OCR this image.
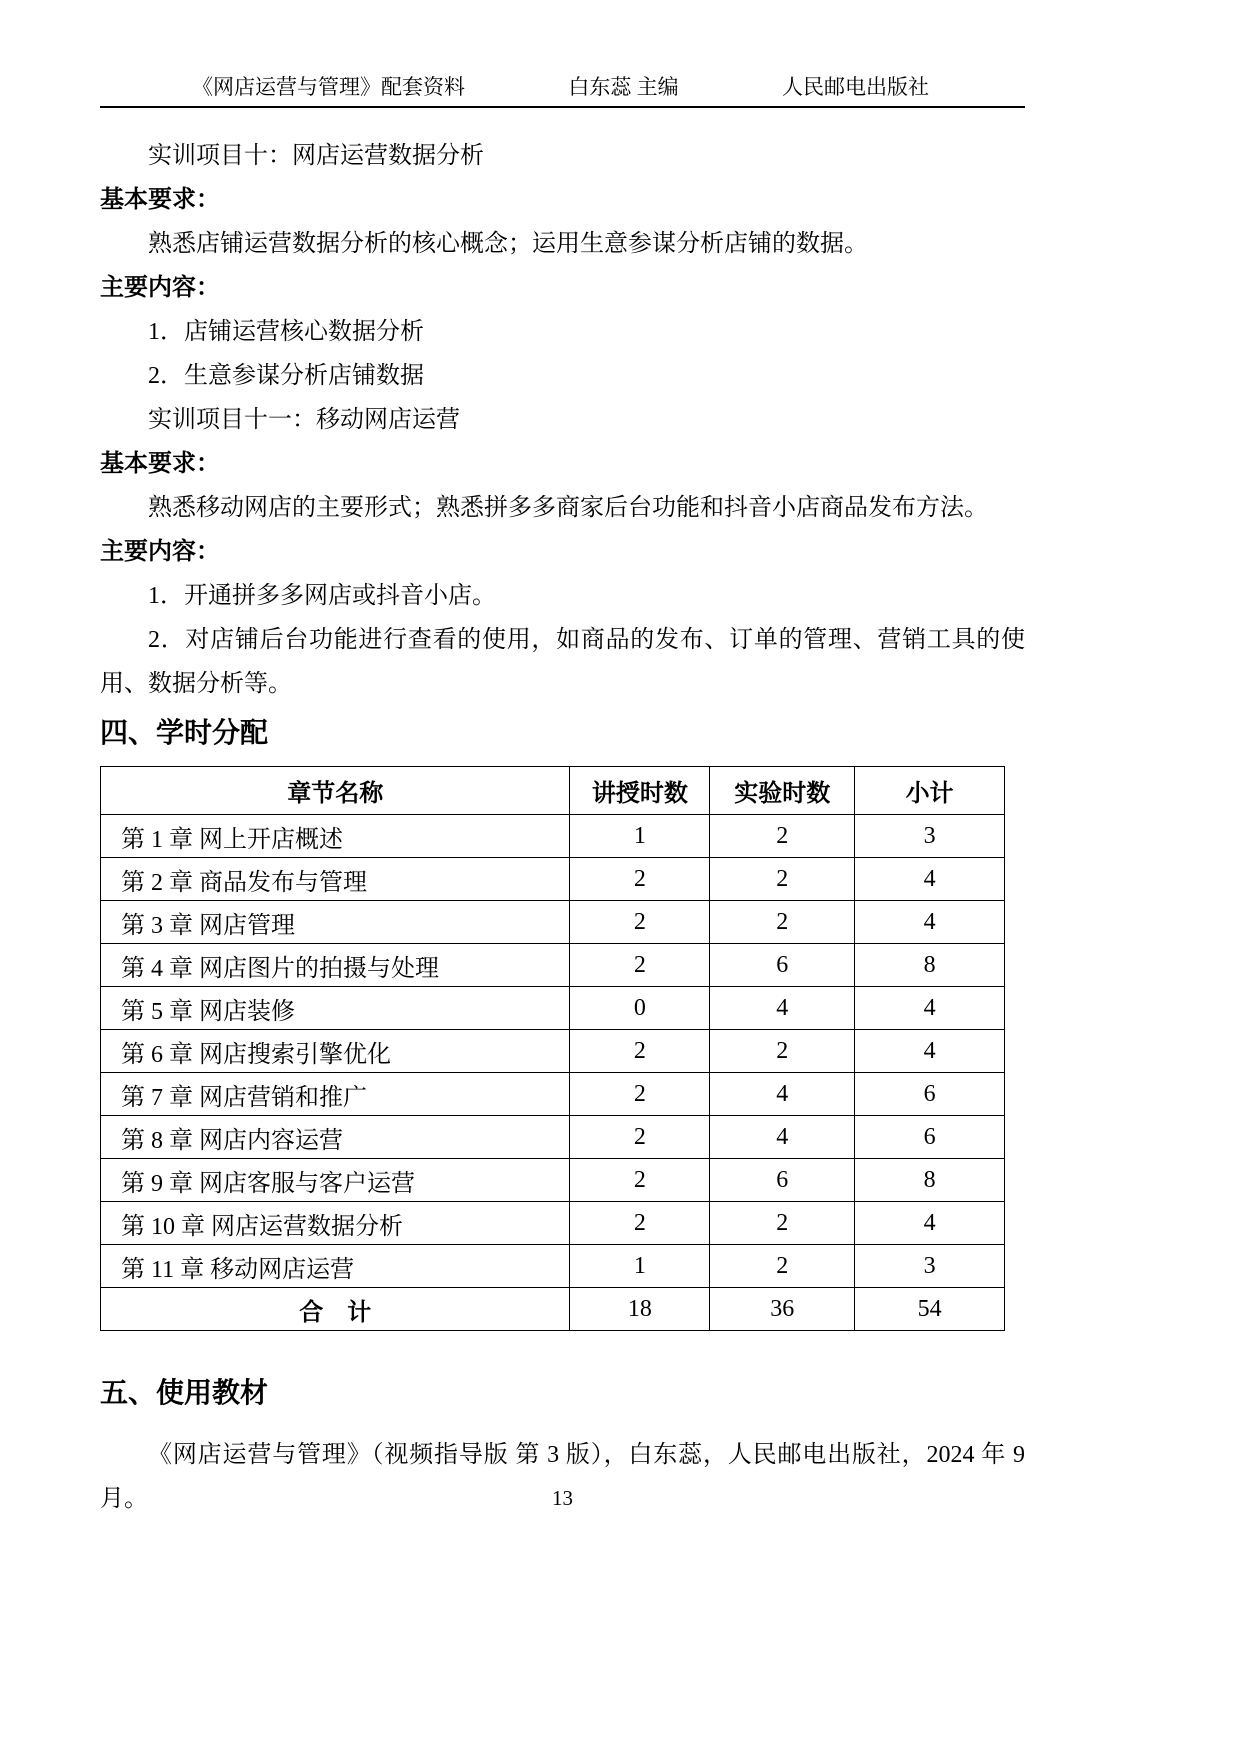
《网店运营与管理》配套资料	白东蕊 主编	人民邮电出版社

实训项目十：网店运营数据分析

基本要求：

熟悉店铺运营数据分析的核心概念；运用生意参谋分析店铺的数据。

主要内容：

1．店铺运营核心数据分析

2．生意参谋分析店铺数据

实训项目十一：移动网店运营

基本要求：

熟悉移动网店的主要形式；熟悉拼多多商家后台功能和抖音小店商品发布方法。

主要内容：

1．开通拼多多网店或抖音小店。

2．对店铺后台功能进行查看的使用，如商品的发布、订单的管理、营销工具的使用、数据分析等。

四、学时分配
章节名称	讲授时数	实验时数	小计
第 1 章 网上开店概述	1	2	3
第 2 章 商品发布与管理	2	2	4
第 3 章 网店管理	2	2	4
第 4 章 网店图片的拍摄与处理	2	6	8
第 5 章 网店装修	0	4	4
第 6 章 网店搜索引擎优化	2	2	4
第 7 章 网店营销和推广	2	4	6
第 8 章 网店内容运营	2	4	6
第 9 章 网店客服与客户运营	2	6	8
第 10 章 网店运营数据分析	2	2	4
第 11 章 移动网店运营	1	2	3
合　计	18	36	54
五、使用教材

《网店运营与管理》（视频指导版 第 3 版），白东蕊，人民邮电出版社，2024 年 9 月。	13
